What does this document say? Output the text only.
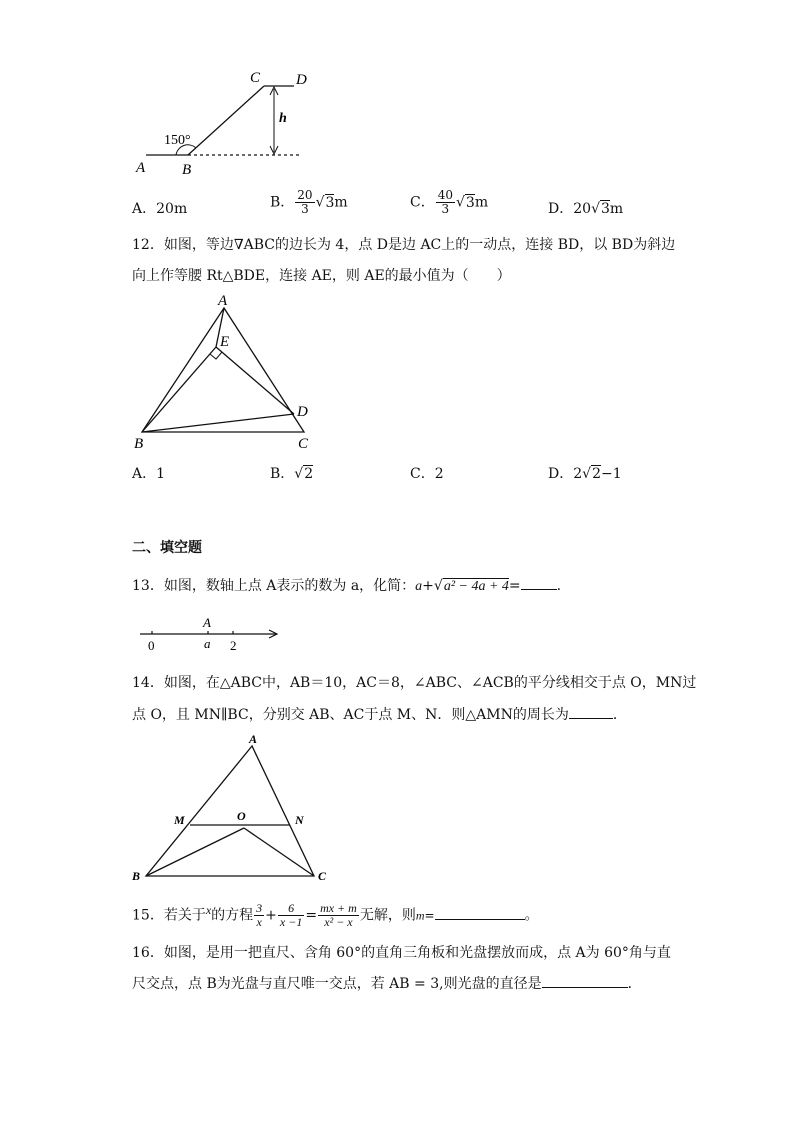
C D
h
150°
A B
A．20m	B． $\frac{20}{3} √3m$	C． $\frac{40}{3} √3m$	D．20√3m
12．如图，等边∇ABC的边长为 4，点 D是边 AC上的一动点，连接 BD，以 BD为斜边
向上作等腰 Rt△BDE，连接 AE，则 AE的最小值为（　　）
A
E
D
B	C
A．1	B．√2	C．2	D．2√2−1
二、填空题
13．如图，数轴上点 A表示的数为 a，化简：a+√a² − 4a + 4=	.
0
A
a 2
14．如图，在△ABC中，AB＝10，AC＝8，∠ABC、∠ACB的平分线相交于点 O，MN过
点 O，且 MN∥BC，分别交 AB、AC于点 M、N．则△AMN的周长为	．
A
M	O	N
B	C
15．若关于x的方程 $\frac{3}{x} + \frac{6}{x -1} = \frac{mx + m}{\text{x² − x}}$ 无解，则m=	。
16．如图，是用一把直尺、含角 60°的直角三角板和光盘摆放而成，点 A为 60°角与直
尺交点，点 B为光盘与直尺唯一交点，若 AB = 3,则光盘的直径是	．
